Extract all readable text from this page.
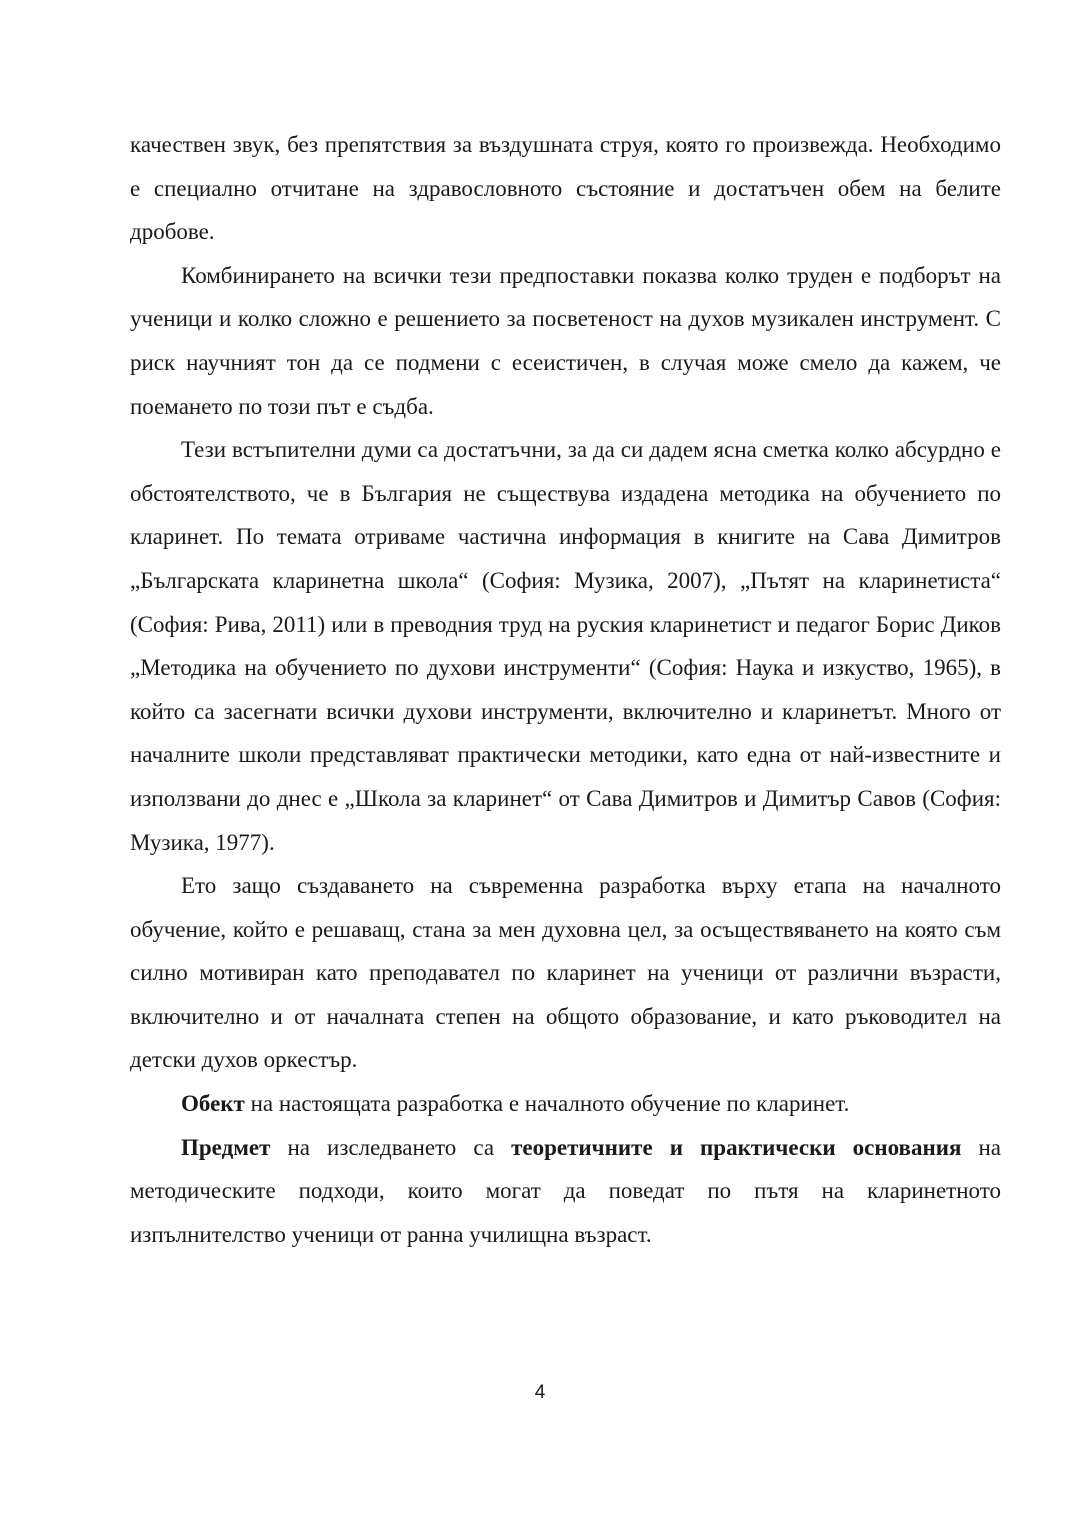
качествен звук, без препятствия за въздушната струя, която го произвежда. Необходимо е специално отчитане на здравословното състояние и достатъчен обем на белите дробове.

Комбинирането на всички тези предпоставки показва колко труден е подборът на ученици и колко сложно е решението за посветеност на духов музикален инструмент. С риск научният тон да се подмени с есеистичен, в случая може смело да кажем, че поемането по този път е съдба.

Тези встъпителни думи са достатъчни, за да си дадем ясна сметка колко абсурдно е обстоятелството, че в България не съществува издадена методика на обучението по кларинет. По темата отриваме частична информация в книгите на Сава Димитров „Българската кларинетна школа“ (София: Музика, 2007), „Пътят на кларинетиста“ (София: Рива, 2011) или в преводния труд на руския кларинетист и педагог Борис Диков „Методика на обучението по духови инструменти“ (София: Наука и изкуство, 1965), в който са засегнати всички духови инструменти, включително и кларинетът. Много от началните школи представляват практически методики, като една от най-известните и използвани до днес е „Школа за кларинет“ от Сава Димитров и Димитър Савов (София: Музика, 1977).

Ето защо създаването на съвременна разработка върху етапа на началното обучение, който е решаващ, стана за мен духовна цел, за осъществяването на която съм силно мотивиран като преподавател по кларинет на ученици от различни възрасти, включително и от началната степен на общото образование, и като ръководител на детски духов оркестър.

Обект на настоящата разработка е началното обучение по кларинет.

Предмет на изследването са теоретичните и практически основания на методическите подходи, които могат да поведат по пътя на кларинетното изпълнителство ученици от ранна училищна възраст.

4
